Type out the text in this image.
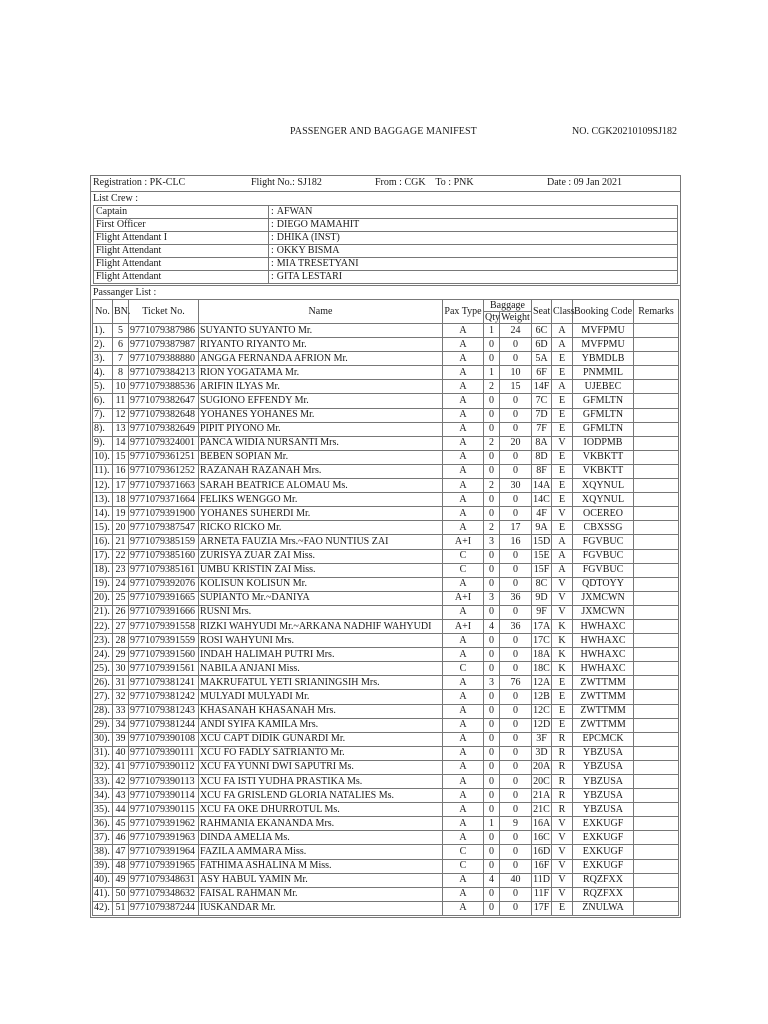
PASSENGER AND BAGGAGE MANIFEST	NO. CGK20210109SJ182
Registration : PK-CLC	Flight No.: SJ182	From : CGK    To : PNK	Date : 09 Jan 2021
List Crew :
Captain	:	AFWAN
First Officer	:	DIEGO MAMAHIT
Flight Attendant I	:	DHIKA (INST)
Flight Attendant	:	OKKY BISMA
Flight Attendant	:	MIA TRESETYANI
Flight Attendant	:	GITA LESTARI
Passanger List :
No.	BN.	Ticket No.	Name	Pax Type	Baggage		Seat	Class	Booking Code	Remarks
					Qty	Weight				
1).	5	9771079387986	SUYANTO SUYANTO Mr.	A	1	24	6C	A	MVFPMU	
2).	6	9771079387987	RIYANTO RIYANTO Mr.	A	0	0	6D	A	MVFPMU	
3).	7	9771079388880	ANGGA FERNANDA AFRION Mr.	A	0	0	5A	E	YBMDLB	
4).	8	9771079384213	RION YOGATAMA Mr.	A	1	10	6F	E	PNMMIL	
5).	10	9771079388536	ARIFIN ILYAS Mr.	A	2	15	14F	A	UJEBEC	
6).	11	9771079382647	SUGIONO EFFENDY Mr.	A	0	0	7C	E	GFMLTN	
7).	12	9771079382648	YOHANES YOHANES Mr.	A	0	0	7D	E	GFMLTN	
8).	13	9771079382649	PIPIT PIYONO Mr.	A	0	0	7F	E	GFMLTN	
9).	14	9771079324001	PANCA WIDIA NURSANTI Mrs.	A	2	20	8A	V	IODPMB	
10).	15	9771079361251	BEBEN SOPIAN Mr.	A	0	0	8D	E	VKBKTT	
11).	16	9771079361252	RAZANAH RAZANAH Mrs.	A	0	0	8F	E	VKBKTT	
12).	17	9771079371663	SARAH BEATRICE ALOMAU Ms.	A	2	30	14A	E	XQYNUL	
13).	18	9771079371664	FELIKS WENGGO Mr.	A	0	0	14C	E	XQYNUL	
14).	19	9771079391900	YOHANES SUHERDI Mr.	A	0	0	4F	V	OCEREO	
15).	20	9771079387547	RICKO RICKO Mr.	A	2	17	9A	E	CBXSSG	
16).	21	9771079385159	ARNETA FAUZIA Mrs.~FAO NUNTIUS ZAI	A+I	3	16	15D	A	FGVBUC	
17).	22	9771079385160	ZURISYA ZUAR ZAI Miss.	C	0	0	15E	A	FGVBUC	
18).	23	9771079385161	UMBU KRISTIN ZAI Miss.	C	0	0	15F	A	FGVBUC	
19).	24	9771079392076	KOLISUN KOLISUN Mr.	A	0	0	8C	V	QDTOYY	
20).	25	9771079391665	SUPIANTO Mr.~DANIYA	A+I	3	36	9D	V	JXMCWN	
21).	26	9771079391666	RUSNI Mrs.	A	0	0	9F	V	JXMCWN	
22).	27	9771079391558	RIZKI WAHYUDI Mr.~ARKANA NADHIF WAHYUDI	A+I	4	36	17A	K	HWHAXC	
23).	28	9771079391559	ROSI WAHYUNI Mrs.	A	0	0	17C	K	HWHAXC	
24).	29	9771079391560	INDAH HALIMAH PUTRI Mrs.	A	0	0	18A	K	HWHAXC	
25).	30	9771079391561	NABILA ANJANI Miss.	C	0	0	18C	K	HWHAXC	
26).	31	9771079381241	MAKRUFATUL YETI SRIANINGSIH Mrs.	A	3	76	12A	E	ZWTTMM	
27).	32	9771079381242	MULYADI MULYADI Mr.	A	0	0	12B	E	ZWTTMM	
28).	33	9771079381243	KHASANAH KHASANAH Mrs.	A	0	0	12C	E	ZWTTMM	
29).	34	9771079381244	ANDI SYIFA KAMILA Mrs.	A	0	0	12D	E	ZWTTMM	
30).	39	9771079390108	XCU CAPT DIDIK GUNARDI Mr.	A	0	0	3F	R	EPCMCK	
31).	40	9771079390111	XCU FO FADLY SATRIANTO Mr.	A	0	0	3D	R	YBZUSA	
32).	41	9771079390112	XCU FA YUNNI DWI SAPUTRI Ms.	A	0	0	20A	R	YBZUSA	
33).	42	9771079390113	XCU FA ISTI YUDHA PRASTIKA Ms.	A	0	0	20C	R	YBZUSA	
34).	43	9771079390114	XCU FA GRISLEND GLORIA NATALIES Ms.	A	0	0	21A	R	YBZUSA	
35).	44	9771079390115	XCU FA OKE DHURROTUL Ms.	A	0	0	21C	R	YBZUSA	
36).	45	9771079391962	RAHMANIA EKANANDA Mrs.	A	1	9	16A	V	EXKUGF	
37).	46	9771079391963	DINDA AMELIA Ms.	A	0	0	16C	V	EXKUGF	
38).	47	9771079391964	FAZILA AMMARA Miss.	C	0	0	16D	V	EXKUGF	
39).	48	9771079391965	FATHIMA ASHALINA M Miss.	C	0	0	16F	V	EXKUGF	
40).	49	9771079348631	ASY HABUL YAMIN Mr.	A	4	40	11D	V	RQZFXX	
41).	50	9771079348632	FAISAL RAHMAN Mr.	A	0	0	11F	V	RQZFXX	
42).	51	9771079387244	IUSKANDAR Mr.	A	0	0	17F	E	ZNULWA	
